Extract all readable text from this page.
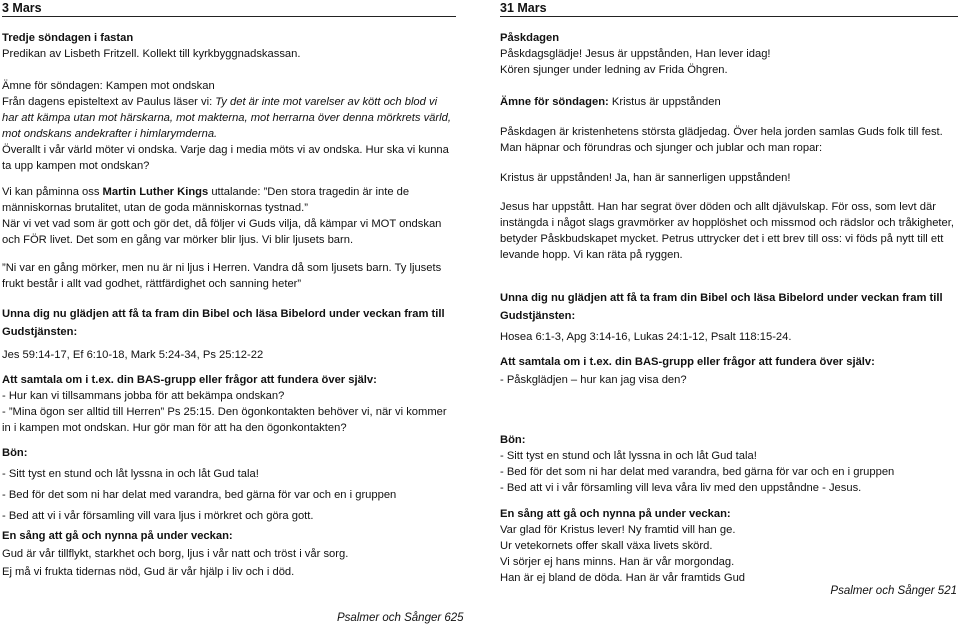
3 Mars

Tredje söndagen i fastan

Predikan av Lisbeth Fritzell. Kollekt till kyrkbyggnadskassan.

Ämne för söndagen: Kampen mot ondskan

Från dagens episteltext av Paulus läser vi: Ty det är inte mot varelser av kött och blod vi har att kämpa utan mot härskarna, mot makterna, mot herrarna över denna mörkrets värld, mot ondskans andekrafter i himlarymderna.

Överallt i vår värld möter vi ondska. Varje dag i media möts vi av ondska. Hur ska vi kunna ta upp kampen mot ondskan?

Vi kan påminna oss Martin Luther Kings uttalande: ”Den stora tragedin är inte de människornas brutalitet, utan de goda människornas tystnad.”

När vi vet vad som är gott och gör det, då följer vi Guds vilja, då kämpar vi MOT ondskan och FÖR livet. Det som en gång var mörker blir ljus. Vi blir ljusets barn.

”Ni var en gång mörker, men nu är ni ljus i Herren. Vandra då som ljusets barn. Ty ljusets frukt består i allt vad godhet, rättfärdighet och sanning heter”

Unna dig nu glädjen att få ta fram din Bibel och läsa Bibelord under veckan fram till Gudstjänsten:

Jes 59:14-17, Ef 6:10-18, Mark 5:24-34, Ps 25:12-22

Att samtala om i t.ex. din BAS-grupp eller frågor att fundera över själv:

- Hur kan vi tillsammans jobba för att bekämpa ondskan?

- ”Mina ögon ser alltid till Herren” Ps 25:15. Den ögonkontakten behöver vi, när vi kommer in i kampen mot ondskan. Hur gör man för att ha den ögonkontakten?

Bön:

- Sitt tyst en stund och låt lyssna in och låt Gud tala!

- Bed för det som ni har delat med varandra, bed gärna för var och en i gruppen

- Bed att vi i vår församling vill vara ljus i mörkret och göra gott.

En sång att gå och nynna på under veckan:

Gud är vår tillflykt, starkhet och borg, ljus i vår natt och tröst i vår sorg.

Ej må vi frukta tidernas nöd, Gud är vår hjälp i liv och i död.

Psalmer och Sånger 625
31 Mars

Påskdagen

Påskdagsglädje! Jesus är uppstånden, Han lever idag!

Kören sjunger under ledning av Frida Öhgren.

Ämne för söndagen: Kristus är uppstånden

Påskdagen är kristenhetens största glädjedag. Över hela jorden samlas Guds folk till fest. Man häpnar och förundras och sjunger och jublar och man ropar:

Kristus är uppstånden! Ja, han är sannerligen uppstånden!

Jesus har uppstått. Han har segrat över döden och allt djävulskap. För oss, som levt där instängda i något slags gravmörker av hopplöshet och missmod och rädslor och tråkigheter, betyder Påskbudskapet mycket. Petrus uttrycker det i ett brev till oss: vi föds på nytt till ett levande hopp. Vi kan räta på ryggen.

Unna dig nu glädjen att få ta fram din Bibel och läsa Bibelord under veckan fram till Gudstjänsten:

Hosea 6:1-3, Apg 3:14-16, Lukas 24:1-12, Psalt 118:15-24.

Att samtala om i t.ex. din BAS-grupp eller frågor att fundera över själv:

- Påskglädjen – hur kan jag visa den?

Bön:

- Sitt tyst en stund och låt lyssna in och låt Gud tala!

- Bed för det som ni har delat med varandra, bed gärna för var och en i gruppen

- Bed att vi i vår församling vill leva våra liv med den uppståndne - Jesus.

En sång att gå och nynna på under veckan:

Var glad för Kristus lever! Ny framtid vill han ge.

Ur vetekornets offer skall växa livets skörd.

Vi sörjer ej hans minns. Han är vår morgondag.

Han är ej bland de döda. Han är vår framtids Gud

Psalmer och Sånger 521
